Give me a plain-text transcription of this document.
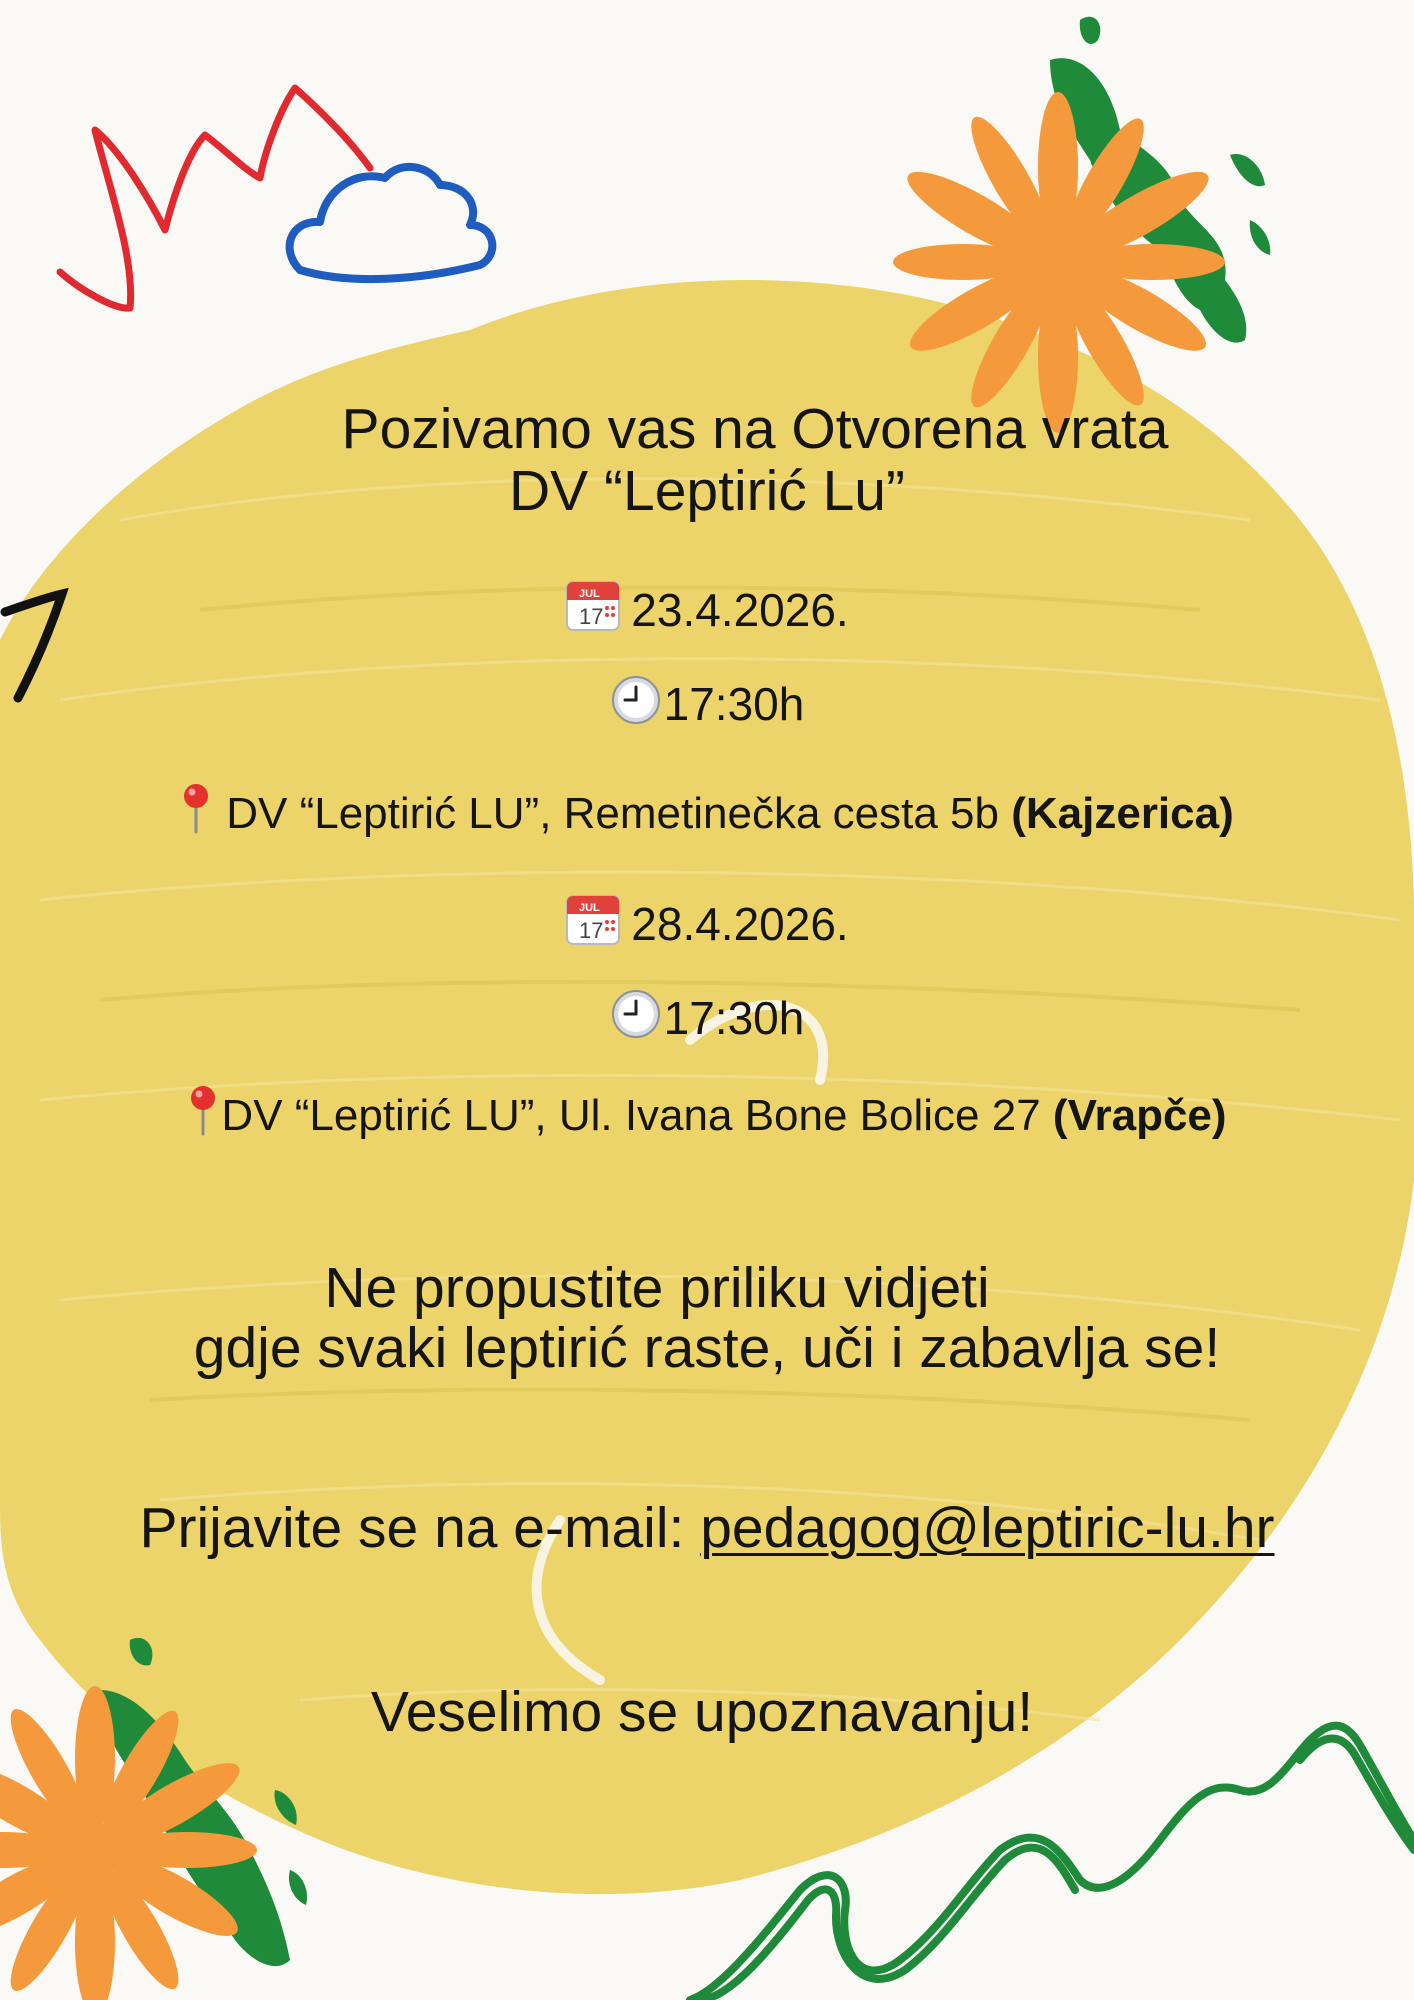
Pozivamo vas na Otvorena vrata
DV “Leptirić Lu”
JUL
17 23.4.2026.
17:30h
DV “Leptirić LU”, Remetinečka cesta 5b (Kajzerica)
JUL
17 28.4.2026.
17:30h
DV “Leptirić LU”, Ul. Ivana Bone Bolice 27 (Vrapče)
Ne propustite priliku vidjeti
gdje svaki leptirić raste, uči i zabavlja se!
Prijavite se na e-mail: pedagog@leptiric-lu.hr
Veselimo se upoznavanju!
